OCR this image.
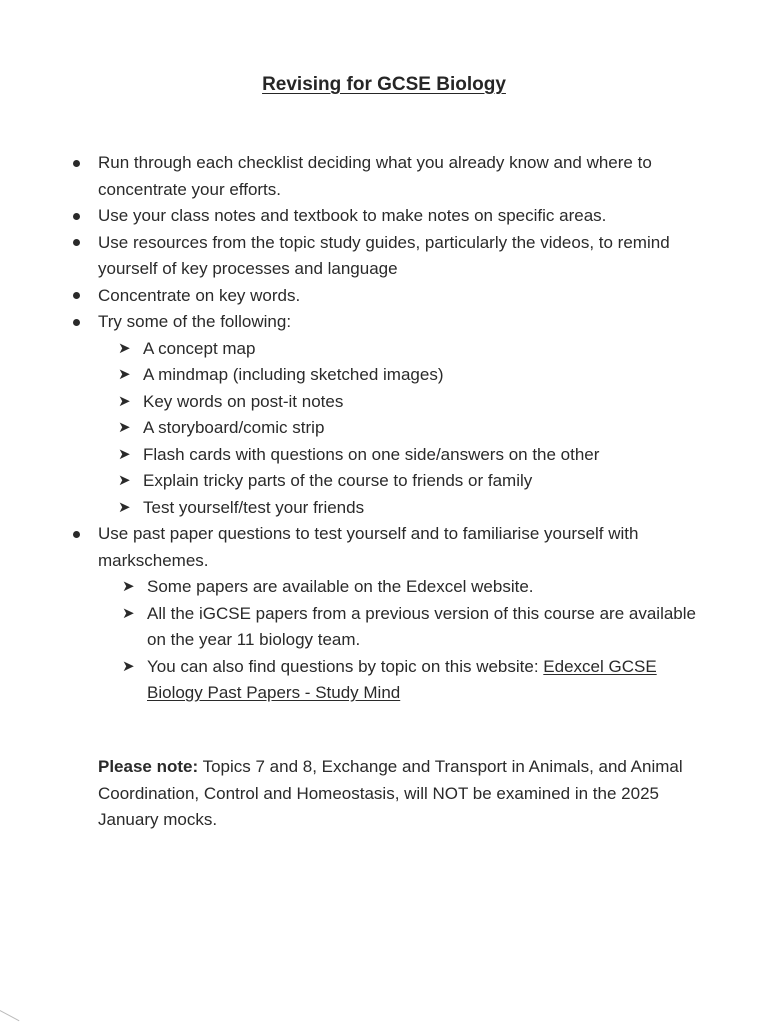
Revising for GCSE Biology
Run through each checklist deciding what you already know and where to concentrate your efforts.
Use your class notes and textbook to make notes on specific areas.
Use resources from the topic study guides, particularly the videos, to remind yourself of key processes and language
Concentrate on key words.
Try some of the following:
➤ A concept map
➤ A mindmap (including sketched images)
➤ Key words on post-it notes
➤ A storyboard/comic strip
➤ Flash cards with questions on one side/answers on the other
➤ Explain tricky parts of the course to friends or family
➤ Test yourself/test your friends
Use past paper questions to test yourself and to familiarise yourself with markschemes.
➤ Some papers are available on the Edexcel website.
➤ All the iGCSE papers from a previous version of this course are available on the year 11 biology team.
➤ You can also find questions by topic on this website: Edexcel GCSE Biology Past Papers - Study Mind
Please note: Topics 7 and 8, Exchange and Transport in Animals, and Animal Coordination, Control and Homeostasis, will NOT be examined in the 2025 January mocks.
